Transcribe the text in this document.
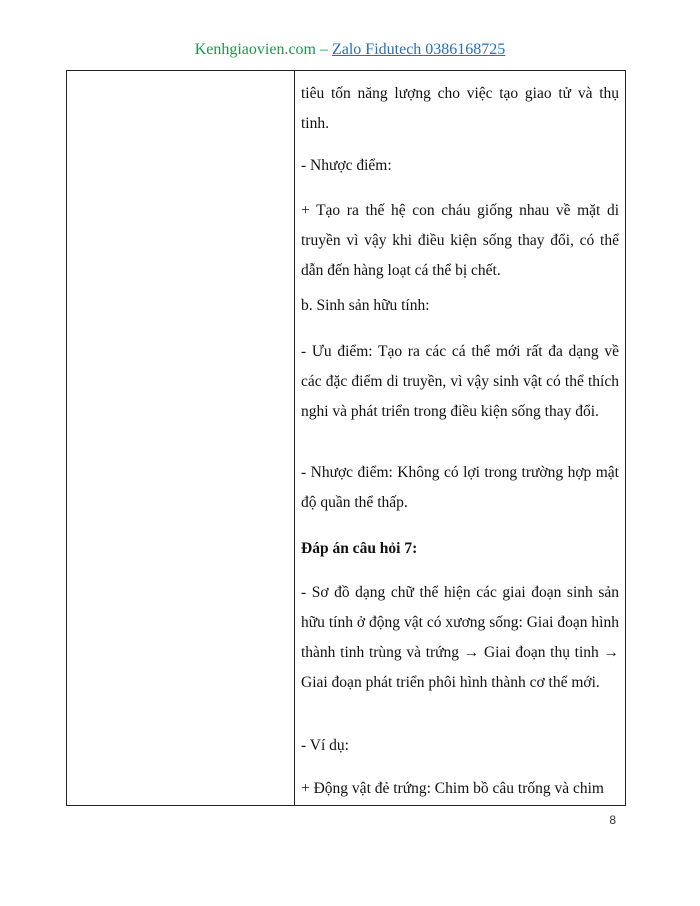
Kenhgiaovien.com – Zalo Fidutech 0386168725
tiêu tốn năng lượng cho việc tạo giao tử và thụ tinh.
- Nhược điểm:
+ Tạo ra thế hệ con cháu giống nhau về mặt di truyền vì vậy khi điều kiện sống thay đổi, có thể dẫn đến hàng loạt cá thể bị chết.
b. Sinh sản hữu tính:
- Ưu điểm: Tạo ra các cá thể mới rất đa dạng về các đặc điểm di truyền, vì vậy sinh vật có thể thích nghi và phát triển trong điều kiện sống thay đổi.
- Nhược điểm: Không có lợi trong trường hợp mật độ quần thể thấp.
Đáp án câu hỏi 7:
- Sơ đồ dạng chữ thể hiện các giai đoạn sinh sản hữu tính ở động vật có xương sống: Giai đoạn hình thành tinh trùng và trứng → Giai đoạn thụ tinh → Giai đoạn phát triển phôi hình thành cơ thể mới.
- Ví dụ:
+ Động vật đẻ trứng: Chim bồ câu trống và chim
8
